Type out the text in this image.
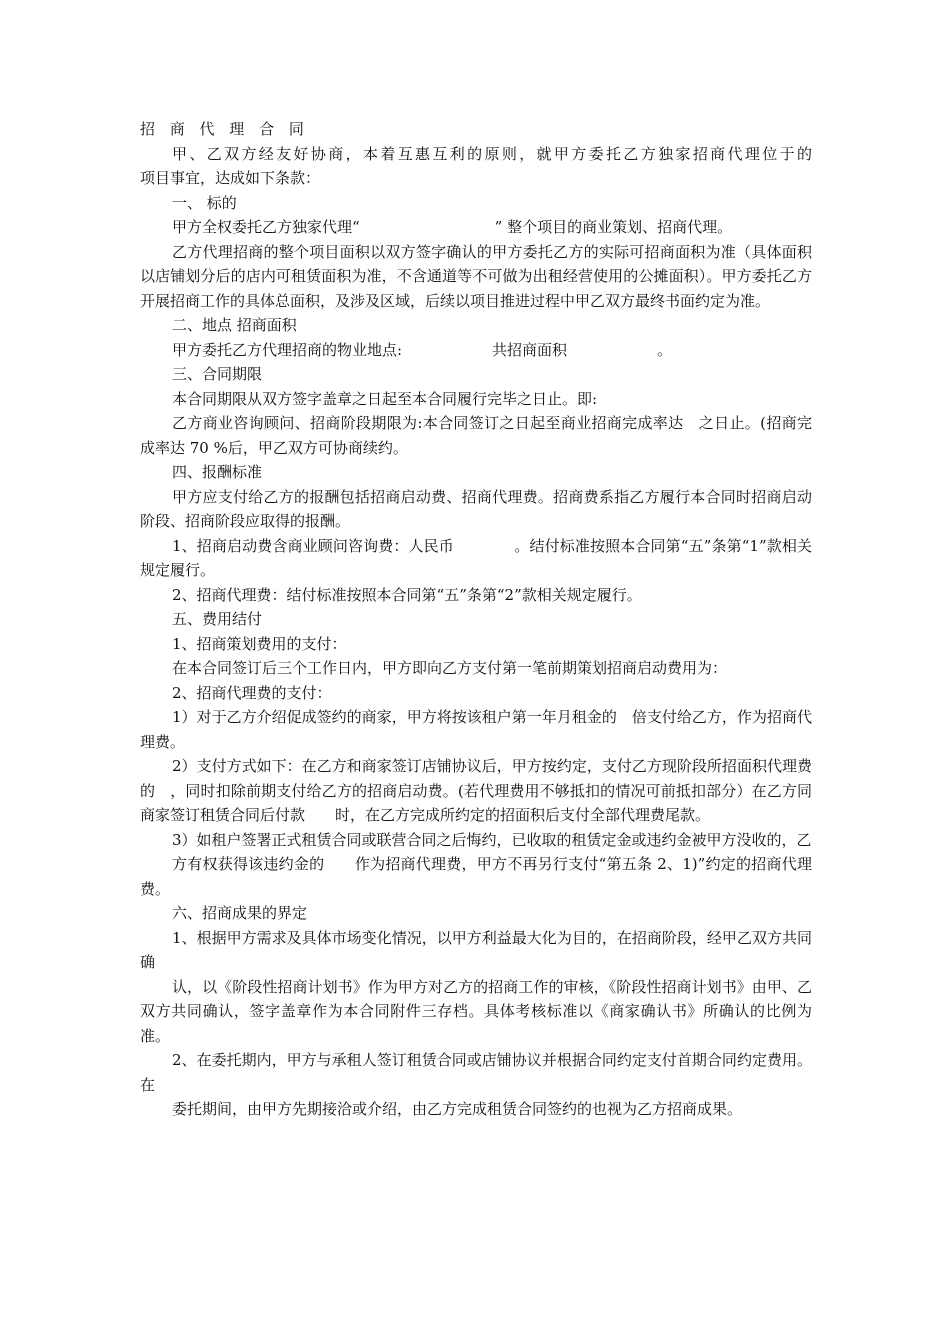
招 商 代 理 合 同

甲、乙双方经友好协商，本着互惠互利的原则，就甲方委托乙方独家招商代理位于的　　　　　　项目事宜，达成如下条款：

一、 标的

甲方全权委托乙方独家代理“　　　　　　　　　” 整个项目的商业策划、招商代理。

乙方代理招商的整个项目面积以双方签字确认的甲方委托乙方的实际可招商面积为准（具体面积以店铺划分后的店内可租赁面积为准，不含通道等不可做为出租经营使用的公摊面积）。甲方委托乙方开展招商工作的具体总面积，及涉及区域，后续以项目推进过程中甲乙双方最终书面约定为准。

二、地点 招商面积

甲方委托乙方代理招商的物业地点:　　　　　　共招商面积　　　　　　。

三、合同期限

本合同期限从双方签字盖章之日起至本合同履行完毕之日止。即:

乙方商业咨询顾问、招商阶段期限为:本合同签订之日起至商业招商完成率达　之日止。(招商完成率达 70 %后，甲乙双方可协商续约。

四、报酬标准

甲方应支付给乙方的报酬包括招商启动费、招商代理费。招商费系指乙方履行本合同时招商启动阶段、招商阶段应取得的报酬。

1、招商启动费含商业顾问咨询费：人民币　　　　。结付标准按照本合同第“五”条第“1”款相关规定履行。

2、招商代理费：结付标准按照本合同第“五”条第“2”款相关规定履行。

五、费用结付

1、招商策划费用的支付：

在本合同签订后三个工作日内，甲方即向乙方支付第一笔前期策划招商启动费用为：

2、招商代理费的支付：

1）对于乙方介绍促成签约的商家，甲方将按该租户第一年月租金的　倍支付给乙方，作为招商代理费。

2）支付方式如下：在乙方和商家签订店铺协议后，甲方按约定，支付乙方现阶段所招面积代理费的　，同时扣除前期支付给乙方的招商启动费。(若代理费用不够抵扣的情况可前抵扣部分）在乙方同商家签订租赁合同后付款　　时，在乙方完成所约定的招面积后支付全部代理费尾款。

3）如租户签署正式租赁合同或联营合同之后悔约，已收取的租赁定金或违约金被甲方没收的，乙

方有权获得该违约金的　　作为招商代理费，甲方不再另行支付“第五条 2、1)”约定的招商代理费。

六、招商成果的界定

1、根据甲方需求及具体市场变化情况，以甲方利益最大化为目的，在招商阶段，经甲乙双方共同确

认，以《阶段性招商计划书》作为甲方对乙方的招商工作的审核，《阶段性招商计划书》由甲、乙双方共同确认，签字盖章作为本合同附件三存档。具体考核标准以《商家确认书》所确认的比例为准。

2、在委托期内，甲方与承租人签订租赁合同或店铺协议并根据合同约定支付首期合同约定费用。在

委托期间，由甲方先期接洽或介绍，由乙方完成租赁合同签约的也视为乙方招商成果。
